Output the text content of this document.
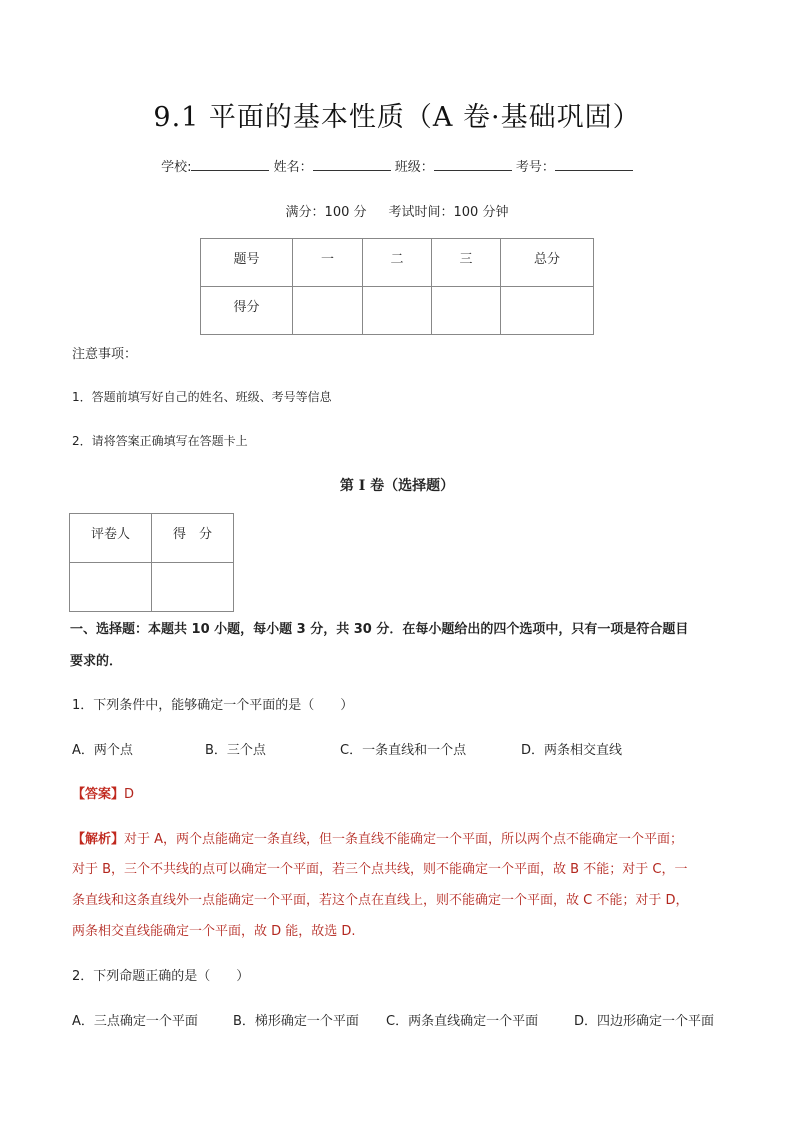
9.1 平面的基本性质（A 卷·基础巩固）
学校:	姓名：	班级：	考号：
满分：100 分 考试时间：100 分钟
题号	一	二	三	总分
得分				
注意事项：
1．答题前填写好自己的姓名、班级、考号等信息
2．请将答案正确填写在答题卡上
第 I 卷（选择题）
评卷人	得　分

一、选择题：本题共 10 小题，每小题 3 分，共 30 分．在每小题给出的四个选项中，只有一项是符合题目
要求的．
1．下列条件中，能够确定一个平面的是（　　）
A．两个点	B．三个点	C．一条直线和一个点	D．两条相交直线
【答案】D
【解析】对于 A，两个点能确定一条直线，但一条直线不能确定一个平面，所以两个点不能确定一个平面；
对于 B，三个不共线的点可以确定一个平面，若三个点共线，则不能确定一个平面，故 B 不能；对于 C，一
条直线和这条直线外一点能确定一个平面，若这个点在直线上，则不能确定一个平面，故 C 不能；对于 D，
两条相交直线能确定一个平面，故 D 能，故选 D.
2．下列命题正确的是（　　）
A．三点确定一个平面	B．梯形确定一个平面 C．两条直线确定一个平面	D．四边形确定一个平面
